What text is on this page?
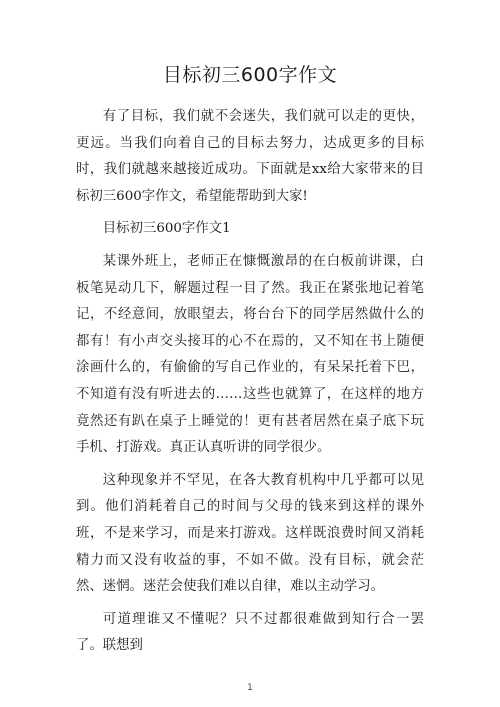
目标初三600字作文

有了目标，我们就不会迷失，我们就可以走的更快，更远。当我们向着自己的目标去努力，达成更多的目标时，我们就越来越接近成功。下面就是xx给大家带来的目标初三600字作文，希望能帮助到大家!

目标初三600字作文1

某课外班上，老师正在慷慨激昂的在白板前讲课，白板笔晃动几下，解题过程一目了然。我正在紧张地记着笔记，不经意间，放眼望去，将台台下的同学居然做什么的都有！有小声交头接耳的心不在焉的，又不知在书上随便涂画什么的，有偷偷的写自己作业的，有呆呆托着下巴，不知道有没有听进去的……这些也就算了，在这样的地方竟然还有趴在桌子上睡觉的！更有甚者居然在桌子底下玩手机、打游戏。真正认真听讲的同学很少。

这种现象并不罕见，在各大教育机构中几乎都可以见到。他们消耗着自己的时间与父母的钱来到这样的课外班，不是来学习，而是来打游戏。这样既浪费时间又消耗精力而又没有收益的事，不如不做。没有目标，就会茫然、迷惘。迷茫会使我们难以自律，难以主动学习。

可道理谁又不懂呢？只不过都很难做到知行合一罢了。联想到

1
